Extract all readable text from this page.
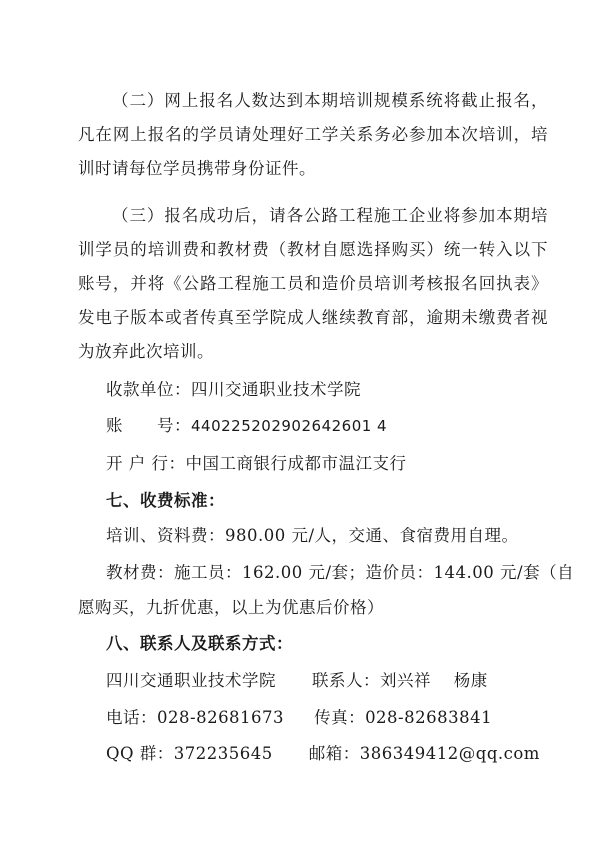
（二）网上报名人数达到本期培训规模系统将截止报名，凡在网上报名的学员请处理好工学关系务必参加本次培训，培训时请每位学员携带身份证件。
（三）报名成功后，请各公路工程施工企业将参加本期培训学员的培训费和教材费（教材自愿选择购买）统一转入以下账号，并将《公路工程施工员和造价员培训考核报名回执表》发电子版本或者传真至学院成人继续教育部，逾期未缴费者视为放弃此次培训。
收款单位：四川交通职业技术学院
账　　号：440225202902642601 4
开 户 行：中国工商银行成都市温江支行
七、收费标准：
培训、资料费：980.00 元/人，交通、食宿费用自理。
教材费：施工员：162.00 元/套；造价员：144.00 元/套（自
愿购买，九折优惠，以上为优惠后价格）
八、联系人及联系方式：
四川交通职业技术学院 联系人：刘兴祥　 杨康
电话：028-82681673 传真：028-82683841
QQ 群：372235645 邮箱：386349412@qq.com
